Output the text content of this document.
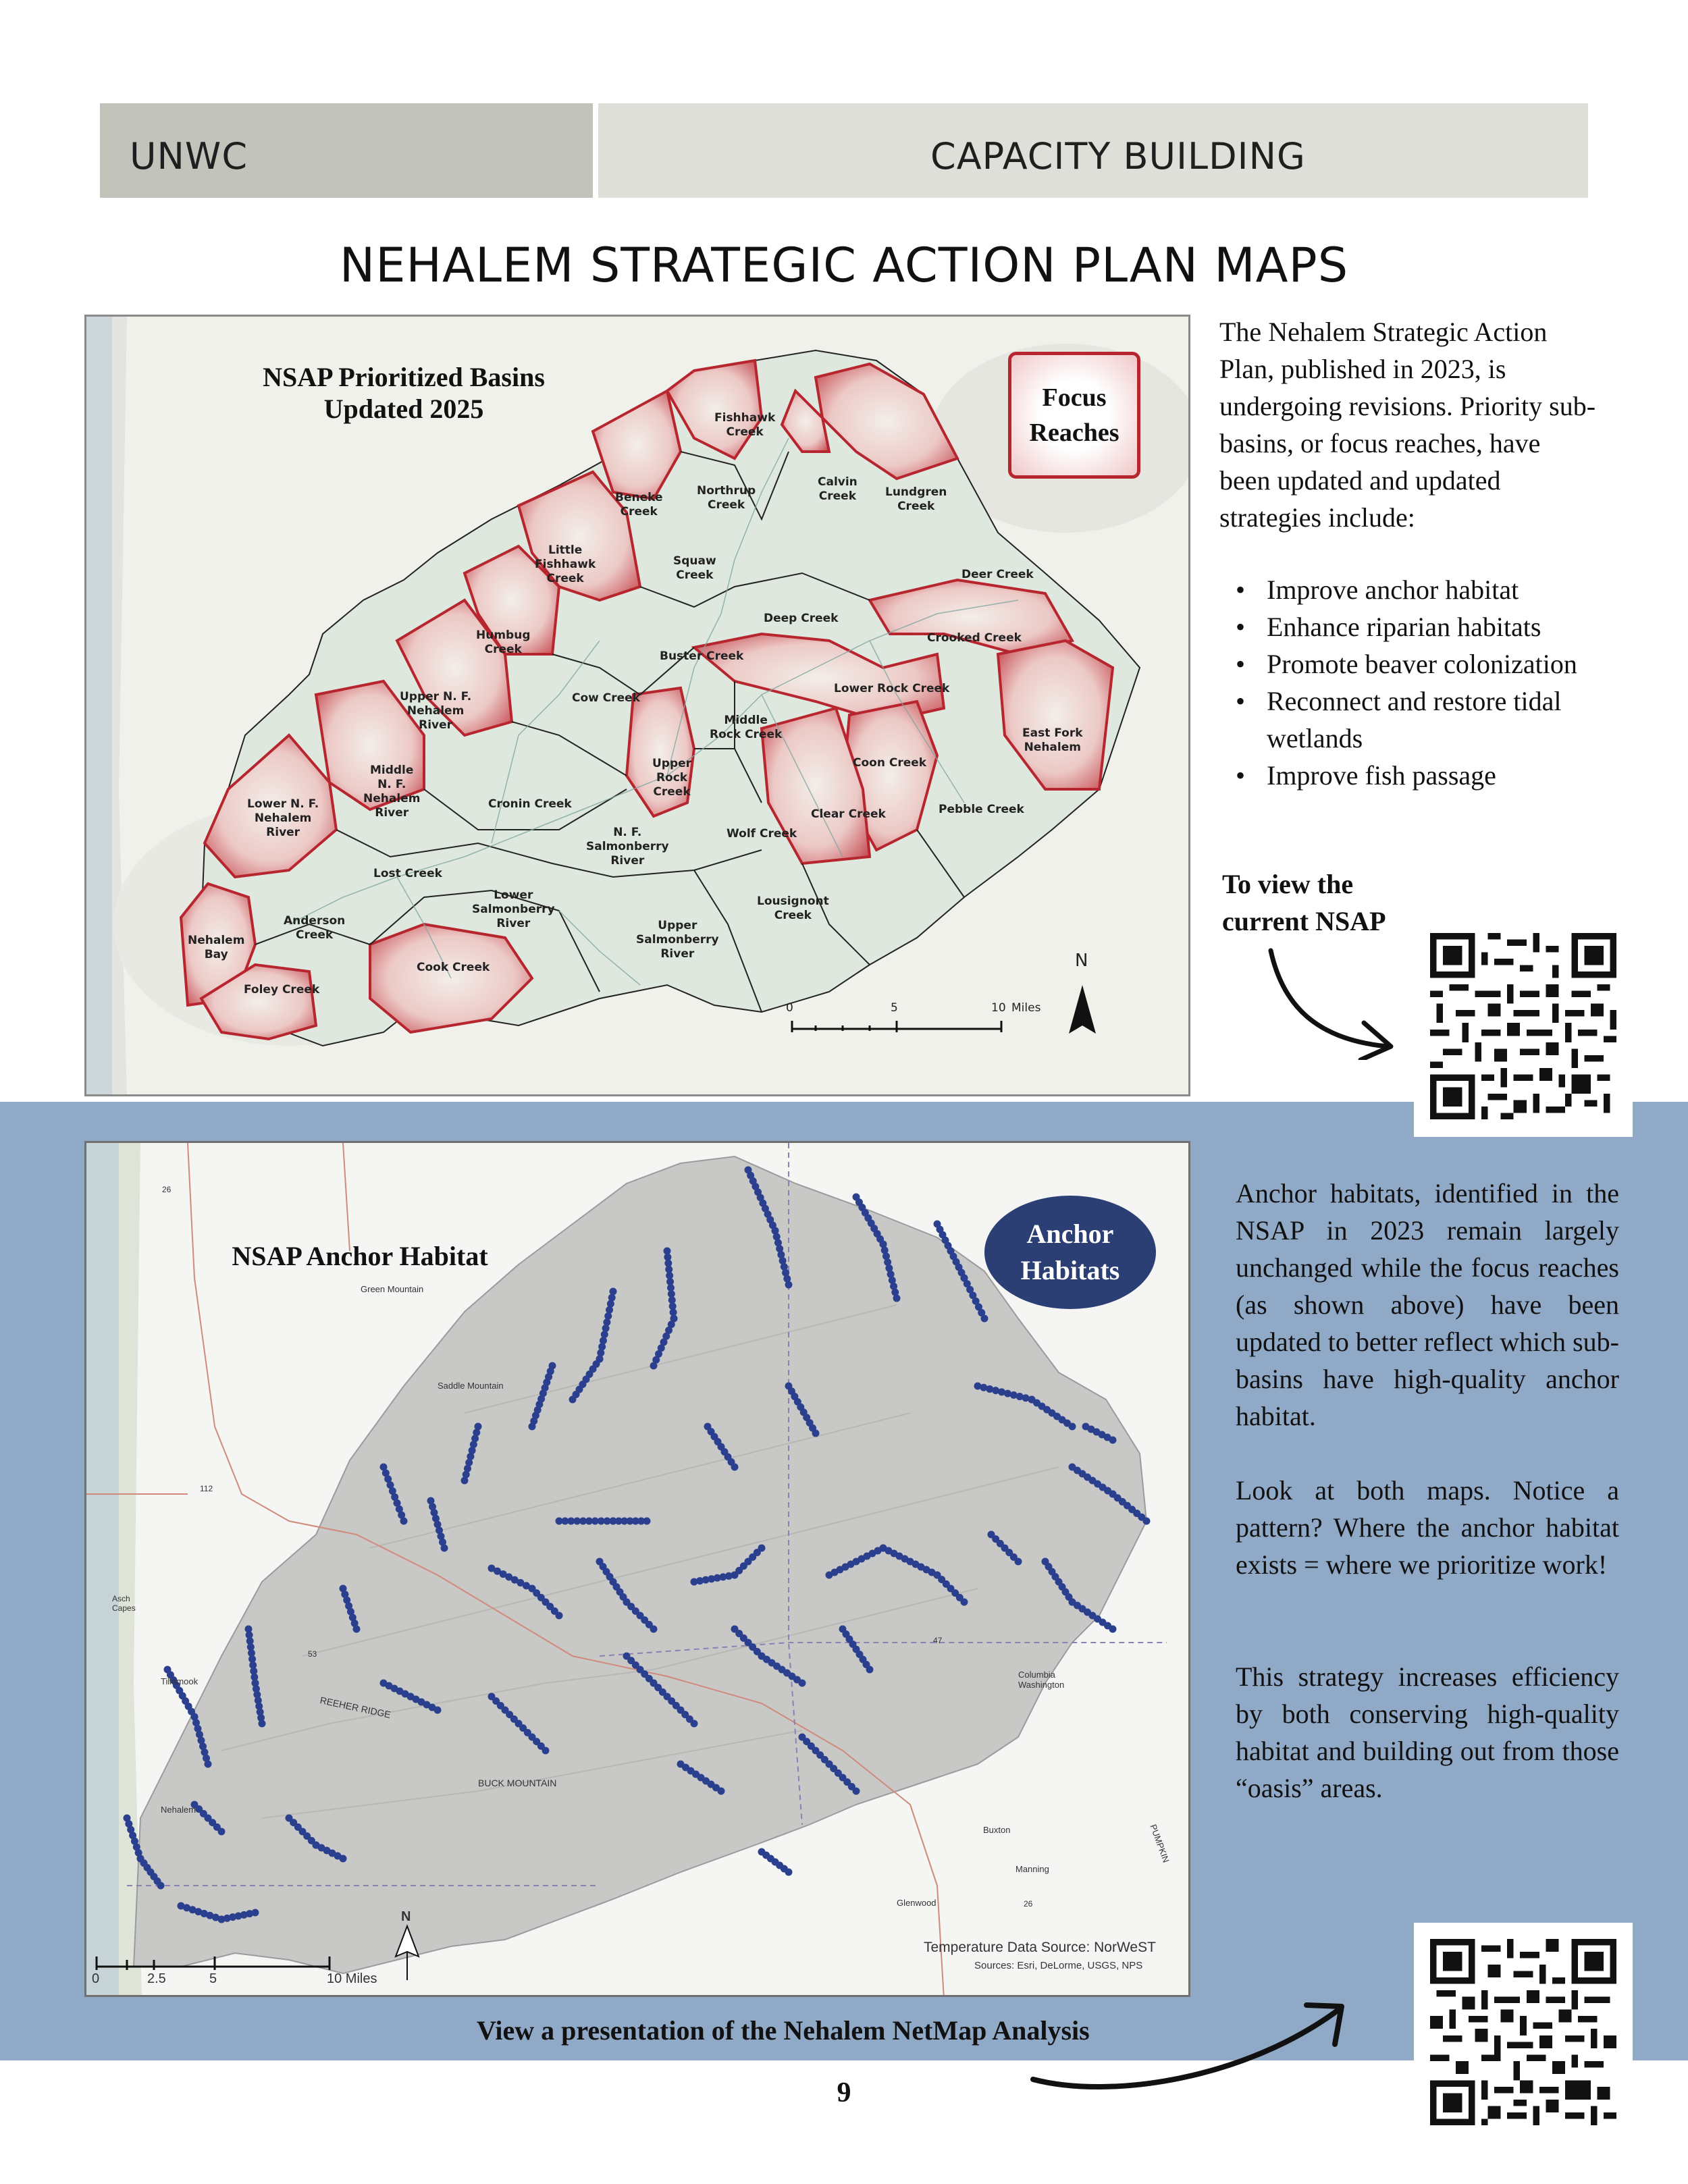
UNWC	CAPACITY BUILDING
NEHALEM STRATEGIC ACTION PLAN MAPS
NSAP Prioritized Basins
Updated 2025	Focus
Reaches
Fishhawk
Creek
Calvin
Creek
Northrup
Creek
Lundgren
Creek
Beneke
Creek
Little
Fishhawk
Creek
Squaw
Creek	Deer Creek
Deep Creek
Humbug
Creek
Crooked Creek
Buster Creek
Upper N. F.
Nehalem
River
Cow Creek
Lower Rock Creek
Middle
Rock Creek	East Fork
Nehalem
Middle
N. F.
Nehalem
River
Coon Creek
Upper
Rock
Creek
Lower N. F.
Nehalem
River
Cronin Creek
Clear Creek	Pebble Creek
N. F.
Salmonberry
River
Wolf Creek
Lost Creek
Lower
Salmonberry
River
Lousignont
Creek
Anderson
Creek
Nehalem
Bay
Upper
Salmonberry
River
Cook Creek
Foley Creek
0	5	10 Miles
N
The Nehalem Strategic Action Plan, published in 2023, is undergoing revisions. Priority sub-basins, or focus reaches, have been updated and updated strategies include:
• Improve anchor habitat
• Enhance riparian habitats
• Promote beaver colonization
• Reconnect and restore tidal wetlands
• Improve fish passage
To view the
current NSAP
NSAP Anchor Habitat
Anchor
Habitats
Green Mountain
Saddle Mountain
Tillamook
Nehalem
REEHER RIDGE
BUCK MOUNTAIN
Columbia Washington
Buxton
Manning
Glenwood
Asch Capes
PUMPKIN
26
53
47
112
26
Temperature Data Source: NorWeST
Sources: Esri, DeLorme, USGS, NPS
0	2.5	5	10 Miles
N
Anchor habitats, identified in the NSAP in 2023 remain largely unchanged while the focus reaches (as shown above) have been updated to better reflect which sub-basins have high-quality anchor habitat.
Look at both maps. Notice a pattern? Where the anchor habitat exists = where we prioritize work!
This strategy increases efficiency by both conserving high-quality habitat and building out from those “oasis” areas.
View a presentation of the Nehalem NetMap Analysis
9
